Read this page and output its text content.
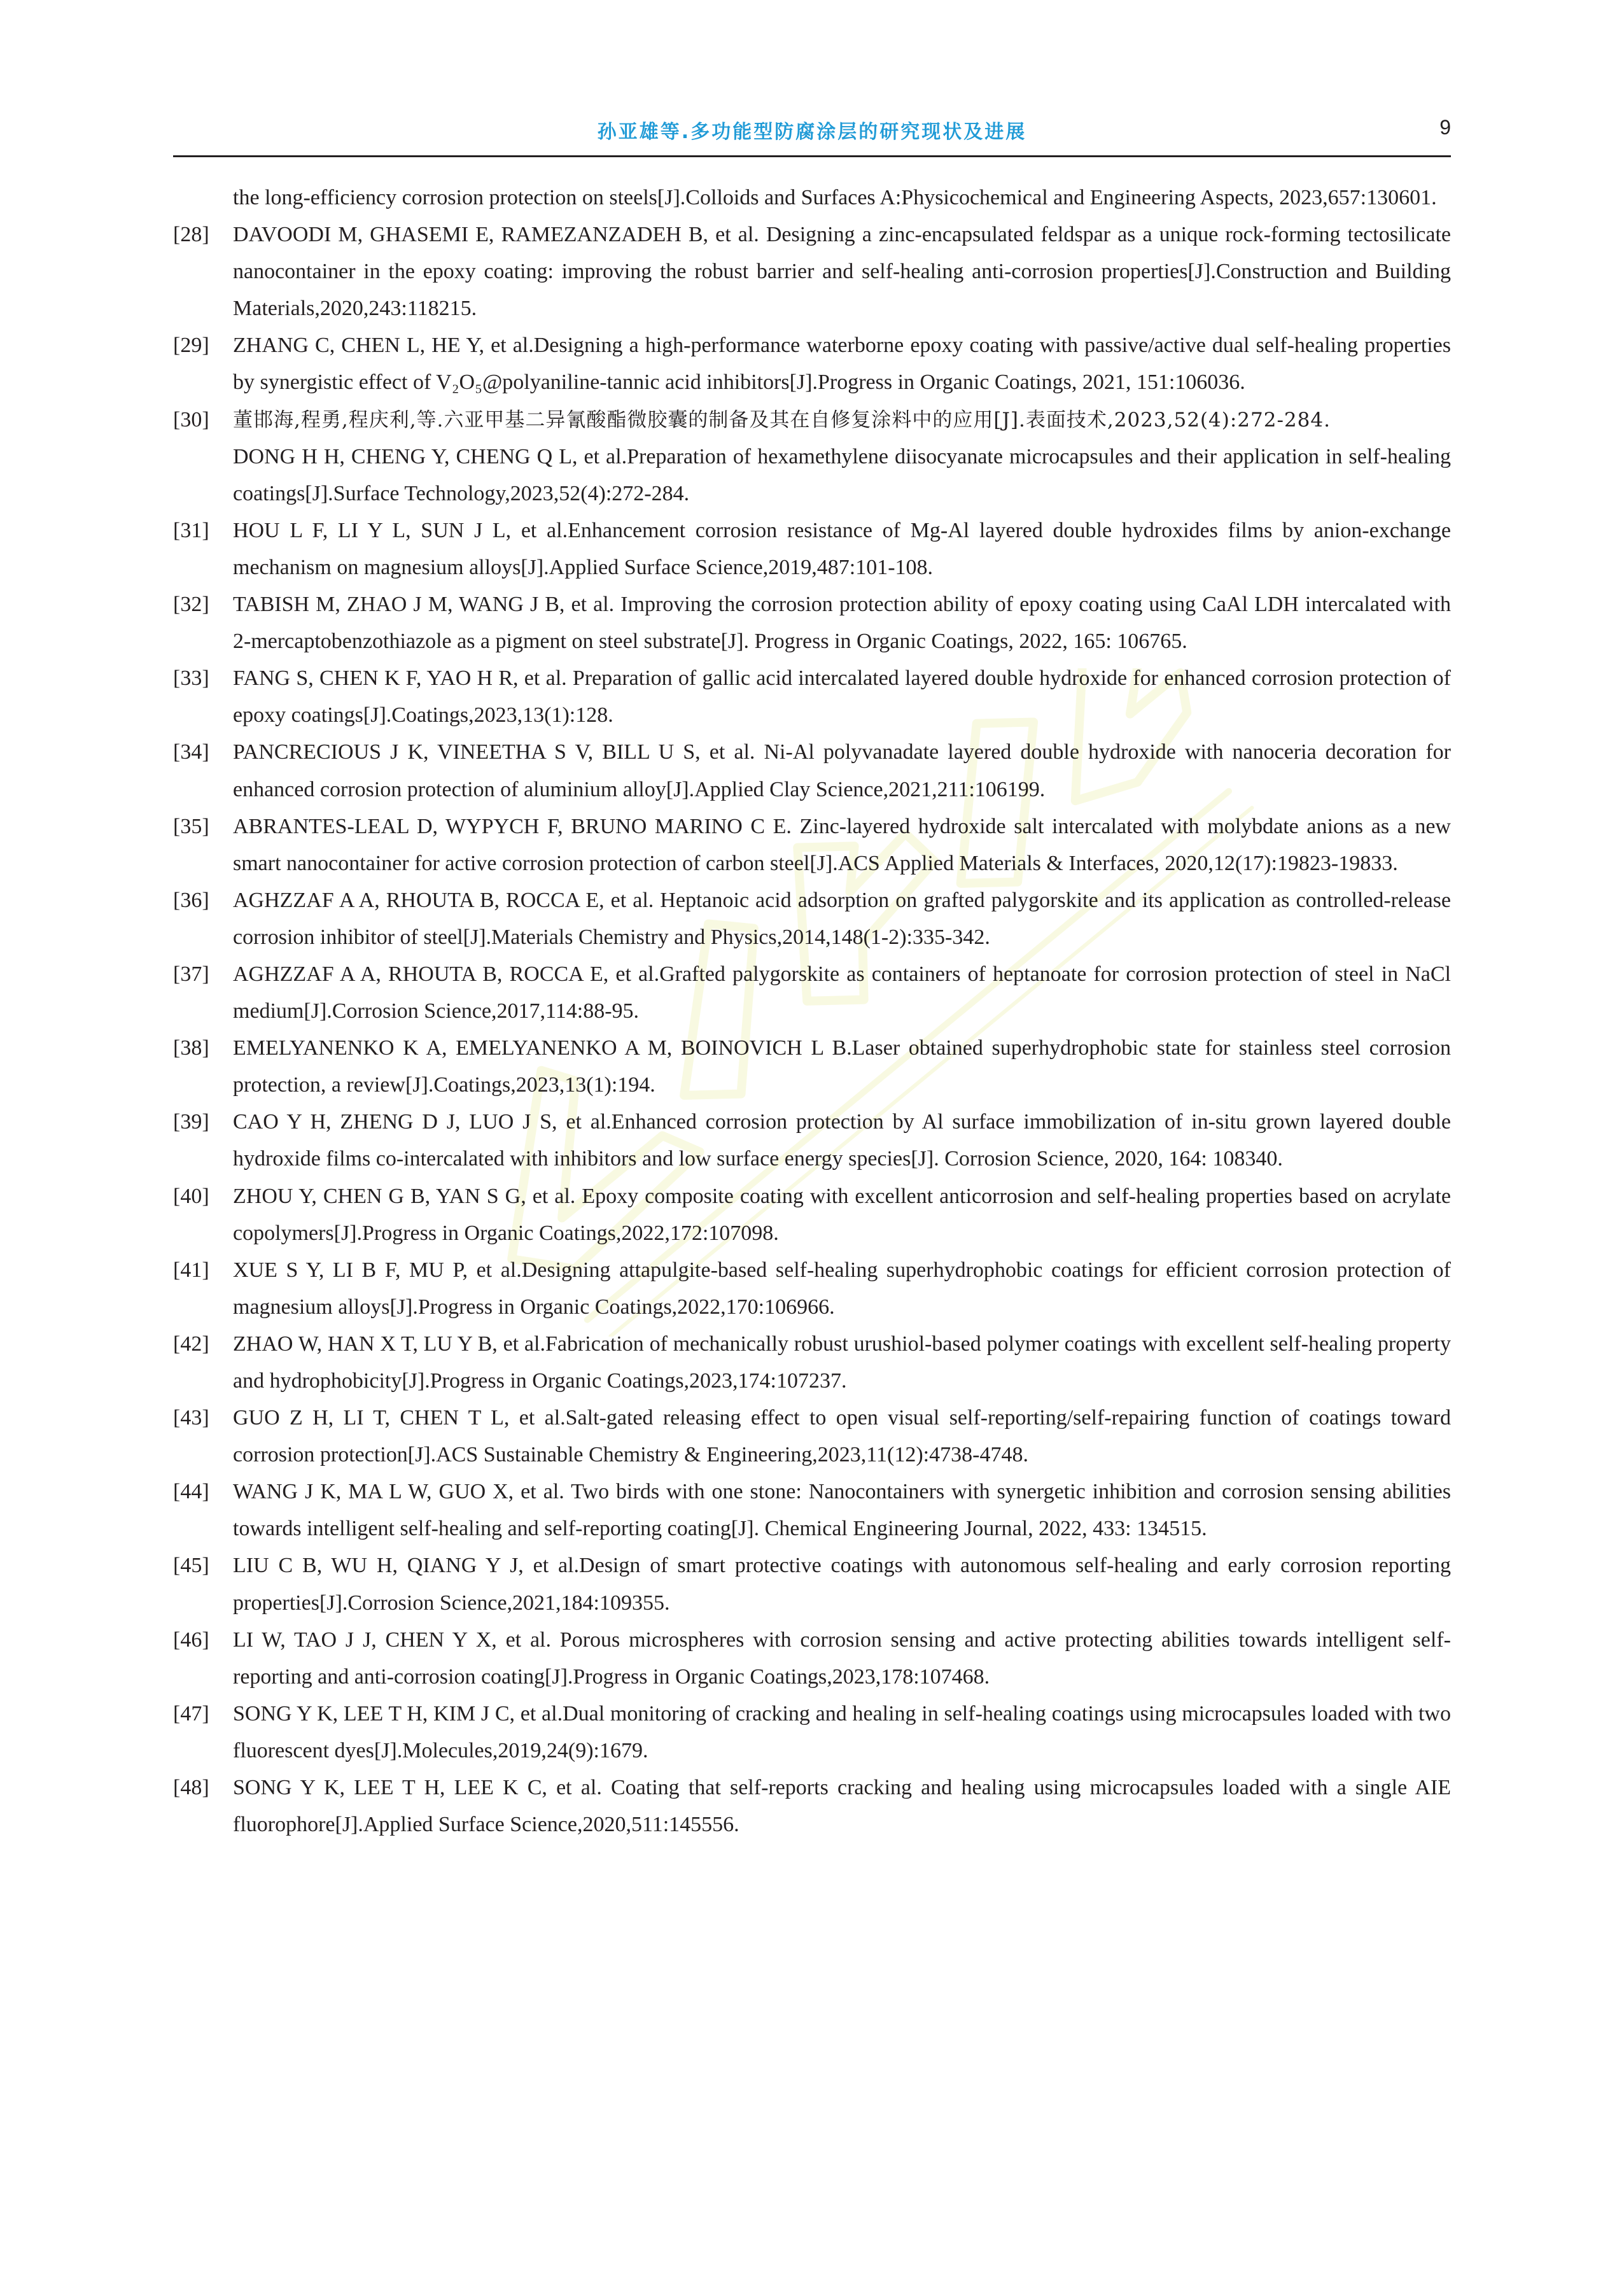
孙亚雄等.多功能型防腐涂层的研究现状及进展	9
the long-efficiency corrosion protection on steels[J].Colloids and Surfaces A:Physicochemical and Engineering Aspects, 2023,657:130601.
[28] DAVOODI M, GHASEMI E, RAMEZANZADEH B, et al. Designing a zinc-encapsulated feldspar as a unique rock-forming tectosilicate nanocontainer in the epoxy coating: improving the robust barrier and self-healing anti-corrosion properties[J].Construction and Building Materials,2020,243:118215.
[29] ZHANG C, CHEN L, HE Y, et al.Designing a high-performance waterborne epoxy coating with passive/active dual self-healing properties by synergistic effect of V₂O₅@polyaniline-tannic acid inhibitors[J].Progress in Organic Coatings, 2021, 151:106036.
[30] 董邯海,程勇,程庆利,等.六亚甲基二异氰酸酯微胶囊的制备及其在自修复涂料中的应用[J].表面技术,2023,52(4):272-284.
DONG H H, CHENG Y, CHENG Q L, et al.Preparation of hexamethylene diisocyanate microcapsules and their application in self-healing coatings[J].Surface Technology,2023,52(4):272-284.
[31] HOU L F, LI Y L, SUN J L, et al.Enhancement corrosion resistance of Mg-Al layered double hydroxides films by anion-exchange mechanism on magnesium alloys[J].Applied Surface Science,2019,487:101-108.
[32] TABISH M, ZHAO J M, WANG J B, et al. Improving the corrosion protection ability of epoxy coating using CaAl LDH intercalated with 2-mercaptobenzothiazole as a pigment on steel substrate[J]. Progress in Organic Coatings, 2022, 165: 106765.
[33] FANG S, CHEN K F, YAO H R, et al. Preparation of gallic acid intercalated layered double hydroxide for enhanced corrosion protection of epoxy coatings[J].Coatings,2023,13(1):128.
[34] PANCRECIOUS J K, VINEETHA S V, BILL U S, et al. Ni-Al polyvanadate layered double hydroxide with nanoceria decoration for enhanced corrosion protection of aluminium alloy[J].Applied Clay Science,2021,211:106199.
[35] ABRANTES-LEAL D, WYPYCH F, BRUNO MARINO C E. Zinc-layered hydroxide salt intercalated with molybdate anions as a new smart nanocontainer for active corrosion protection of carbon steel[J].ACS Applied Materials & Interfaces, 2020,12(17):19823-19833.
[36] AGHZZAF A A, RHOUTA B, ROCCA E, et al. Heptanoic acid adsorption on grafted palygorskite and its application as controlled-release corrosion inhibitor of steel[J].Materials Chemistry and Physics,2014,148(1-2):335-342.
[37] AGHZZAF A A, RHOUTA B, ROCCA E, et al.Grafted palygorskite as containers of heptanoate for corrosion protection of steel in NaCl medium[J].Corrosion Science,2017,114:88-95.
[38] EMELYANENKO K A, EMELYANENKO A M, BOINOVICH L B.Laser obtained superhydrophobic state for stainless steel corrosion protection, a review[J].Coatings,2023,13(1):194.
[39] CAO Y H, ZHENG D J, LUO J S, et al.Enhanced corrosion protection by Al surface immobilization of in-situ grown layered double hydroxide films co-intercalated with inhibitors and low surface energy species[J]. Corrosion Science, 2020, 164: 108340.
[40] ZHOU Y, CHEN G B, YAN S G, et al. Epoxy composite coating with excellent anticorrosion and self-healing properties based on acrylate copolymers[J].Progress in Organic Coatings,2022,172:107098.
[41] XUE S Y, LI B F, MU P, et al.Designing attapulgite-based self-healing superhydrophobic coatings for efficient corrosion protection of magnesium alloys[J].Progress in Organic Coatings,2022,170:106966.
[42] ZHAO W, HAN X T, LU Y B, et al.Fabrication of mechanically robust urushiol-based polymer coatings with excellent self-healing property and hydrophobicity[J].Progress in Organic Coatings,2023,174:107237.
[43] GUO Z H, LI T, CHEN T L, et al.Salt-gated releasing effect to open visual self-reporting/self-repairing function of coatings toward corrosion protection[J].ACS Sustainable Chemistry & Engineering,2023,11(12):4738-4748.
[44] WANG J K, MA L W, GUO X, et al. Two birds with one stone: Nanocontainers with synergetic inhibition and corrosion sensing abilities towards intelligent self-healing and self-reporting coating[J]. Chemical Engineering Journal, 2022, 433: 134515.
[45] LIU C B, WU H, QIANG Y J, et al.Design of smart protective coatings with autonomous self-healing and early corrosion reporting properties[J].Corrosion Science,2021,184:109355.
[46] LI W, TAO J J, CHEN Y X, et al. Porous microspheres with corrosion sensing and active protecting abilities towards intelligent self-reporting and anti-corrosion coating[J].Progress in Organic Coatings,2023,178:107468.
[47] SONG Y K, LEE T H, KIM J C, et al.Dual monitoring of cracking and healing in self-healing coatings using microcapsules loaded with two fluorescent dyes[J].Molecules,2019,24(9):1679.
[48] SONG Y K, LEE T H, LEE K C, et al. Coating that self-reports cracking and healing using microcapsules loaded with a single AIE fluorophore[J].Applied Surface Science,2020,511:145556.
